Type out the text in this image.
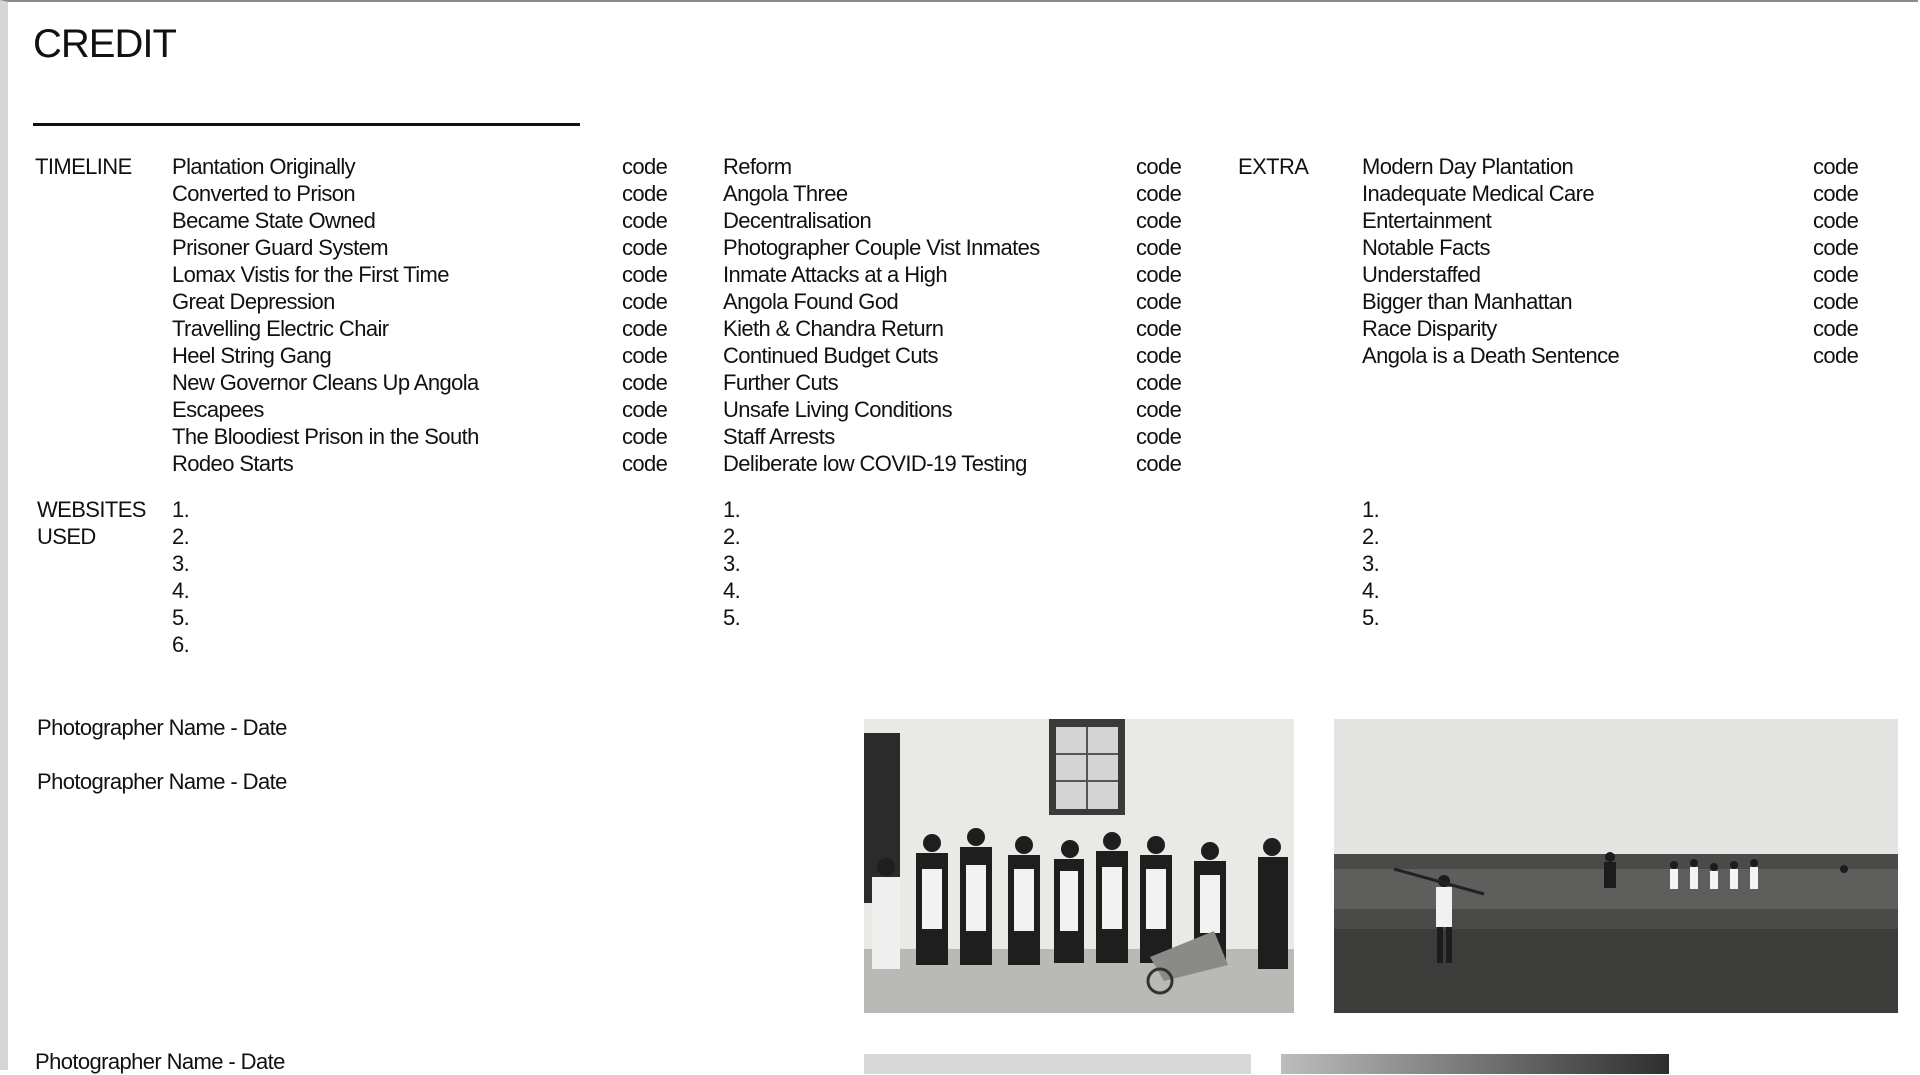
CREDIT
TIMELINE	EXTRA
WEBSITES
USED
Plantation Originally
Converted to Prison
Became State Owned
Prisoner Guard System
Lomax Vistis for the First Time
Great Depression
Travelling Electric Chair
Heel String Gang
New Governor Cleans Up Angola
Escapees
The Bloodiest Prison in the South
Rodeo Starts
code
code
code
code
code
code
code
code
code
code
code
code
1.
2.
3.
4.
5.
6.
Reform
Angola Three
Decentralisation
Photographer Couple Vist Inmates
Inmate Attacks at a High
Angola Found God
Kieth & Chandra Return
Continued Budget Cuts
Further Cuts
Unsafe Living Conditions
Staff Arrests
Deliberate low COVID-19 Testing
code
code
code
code
code
code
code
code
code
code
code
code
1.
2.
3.
4.
5.
Modern Day Plantation
Inadequate Medical Care
Entertainment
Notable Facts
Understaffed
Bigger than Manhattan
Race Disparity
Angola is a Death Sentence
code
code
code
code
code
code
code
code
1.
2.
3.
4.
5.
Photographer Name - Date
Photographer Name - Date
Photographer Name - Date
